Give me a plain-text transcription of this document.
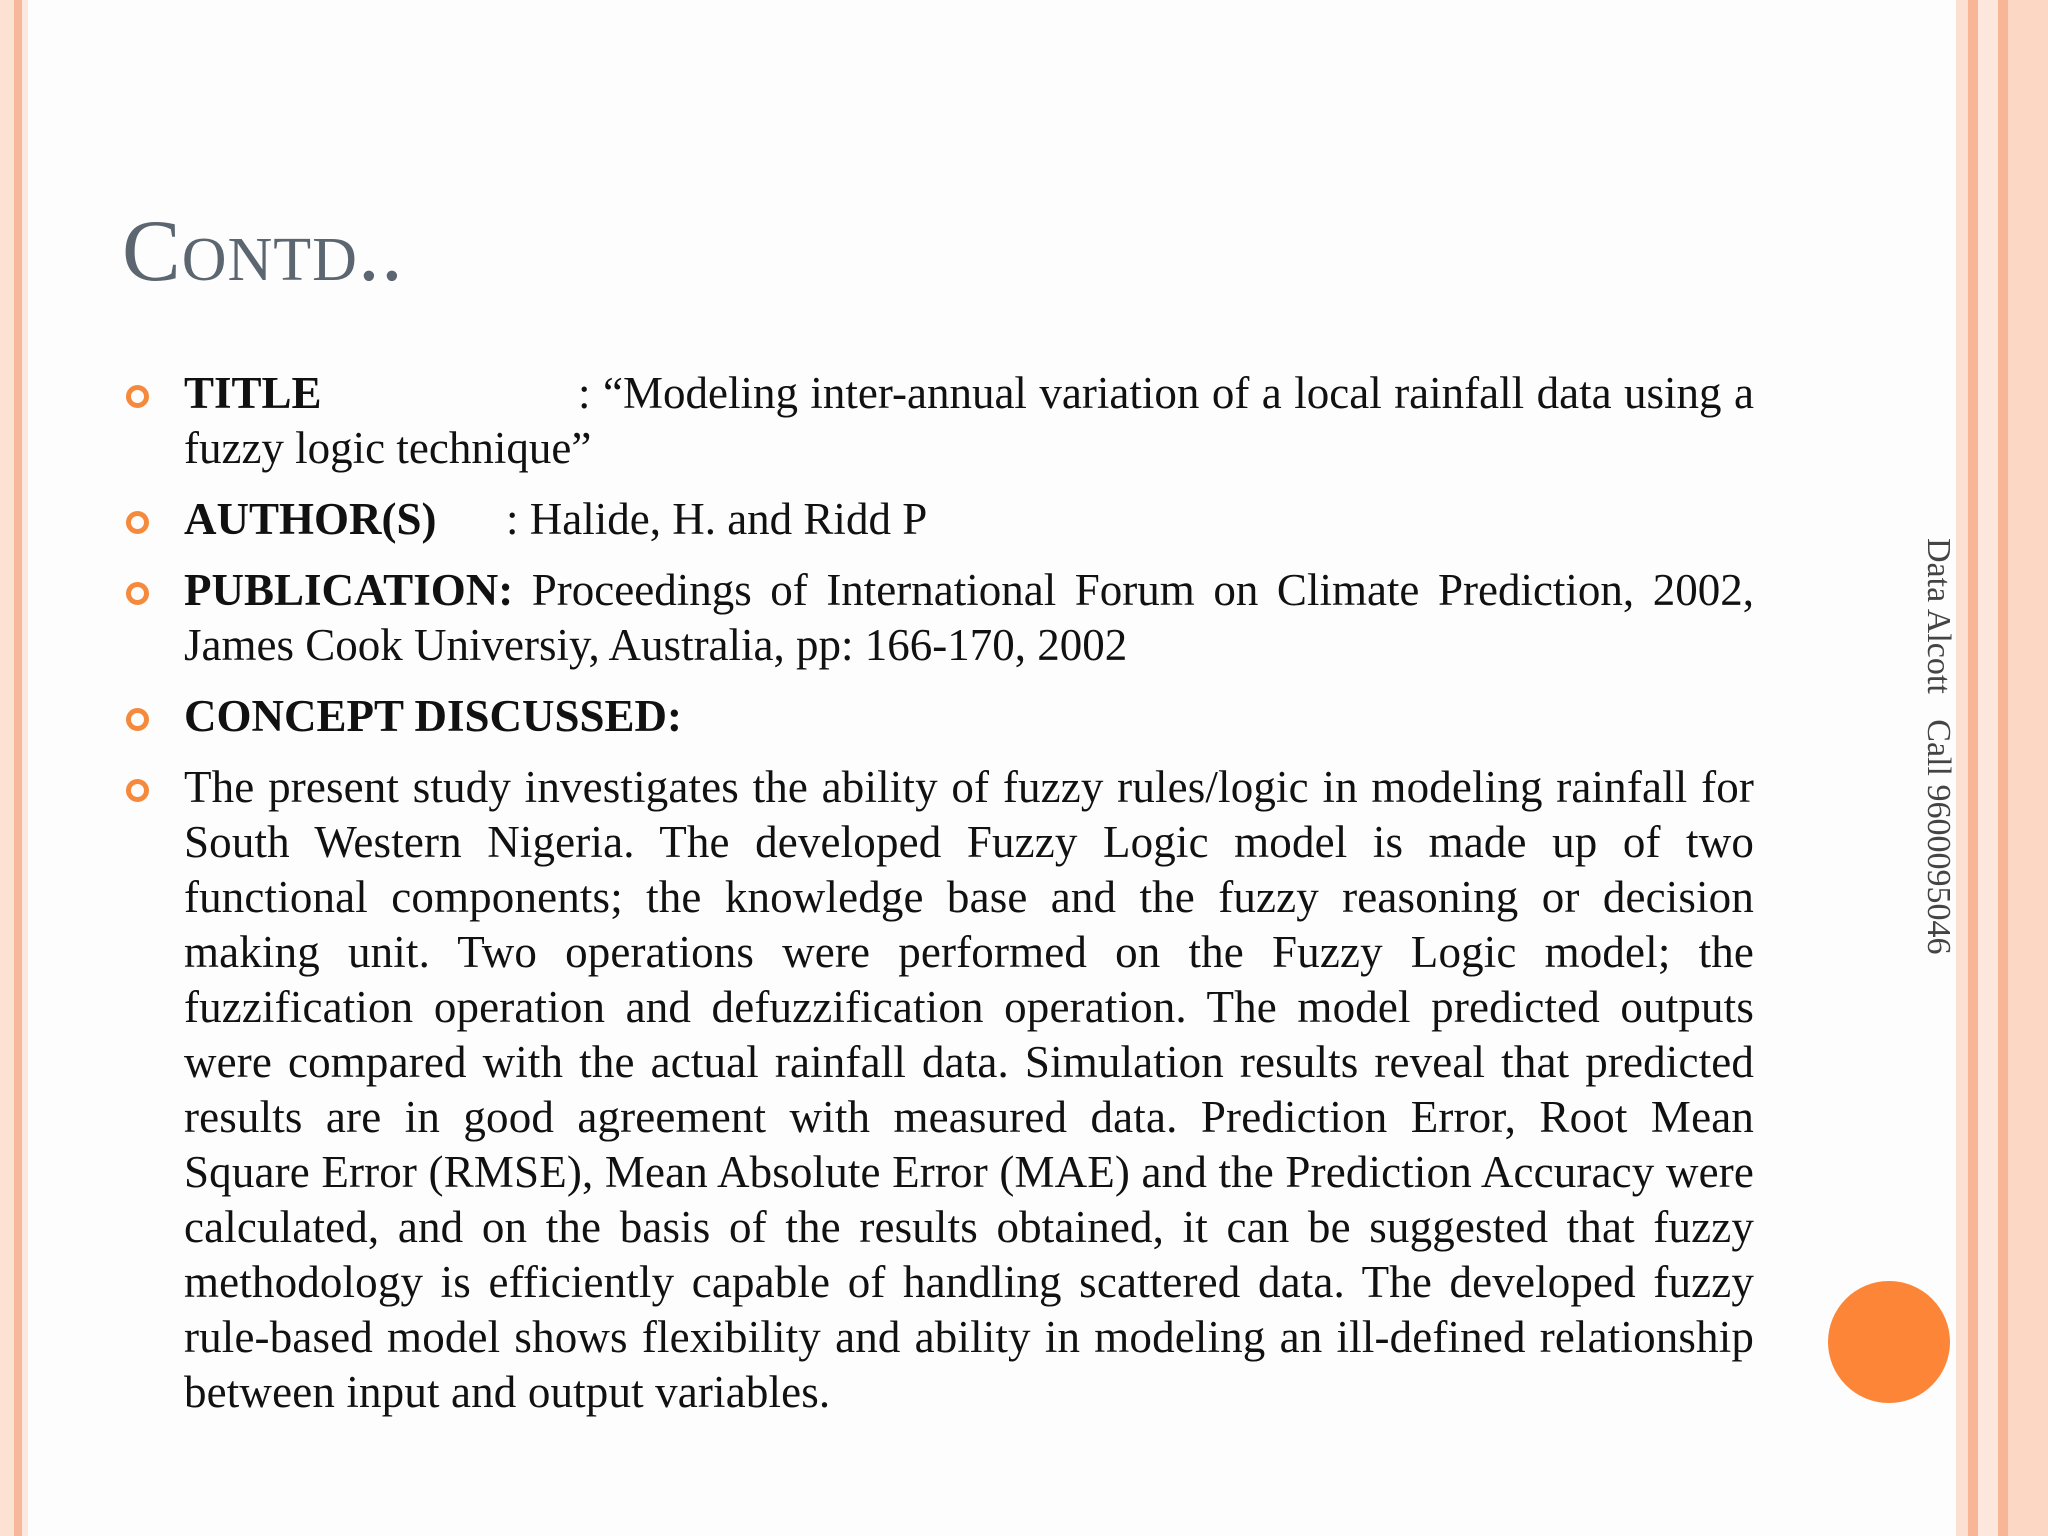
Contd..
TITLE	: “Modeling inter-annual variation of a local rainfall data using a fuzzy logic technique”
AUTHOR(S) : Halide, H. and Ridd P
PUBLICATION: Proceedings of International Forum on Climate Prediction, 2002, James Cook Universiy, Australia, pp: 166-170, 2002
CONCEPT DISCUSSED:
The present study investigates the ability of fuzzy rules/logic in modeling rainfall for South Western Nigeria. The developed Fuzzy Logic model is made up of two functional components; the knowledge base and the fuzzy reasoning or decision making unit. Two operations were performed on the Fuzzy Logic model; the fuzzification operation and defuzzification operation. The model predicted outputs were compared with the actual rainfall data. Simulation results reveal that predicted results are in good agreement with measured data. Prediction Error, Root Mean Square Error (RMSE), Mean Absolute Error (MAE) and the Prediction Accuracy were calculated, and on the basis of the results obtained, it can be suggested that fuzzy methodology is efficiently capable of handling scattered data. The developed fuzzy rule-based model shows flexibility and ability in modeling an ill-defined relationship between input and output variables.
Data Alcott   Call 9600095046
